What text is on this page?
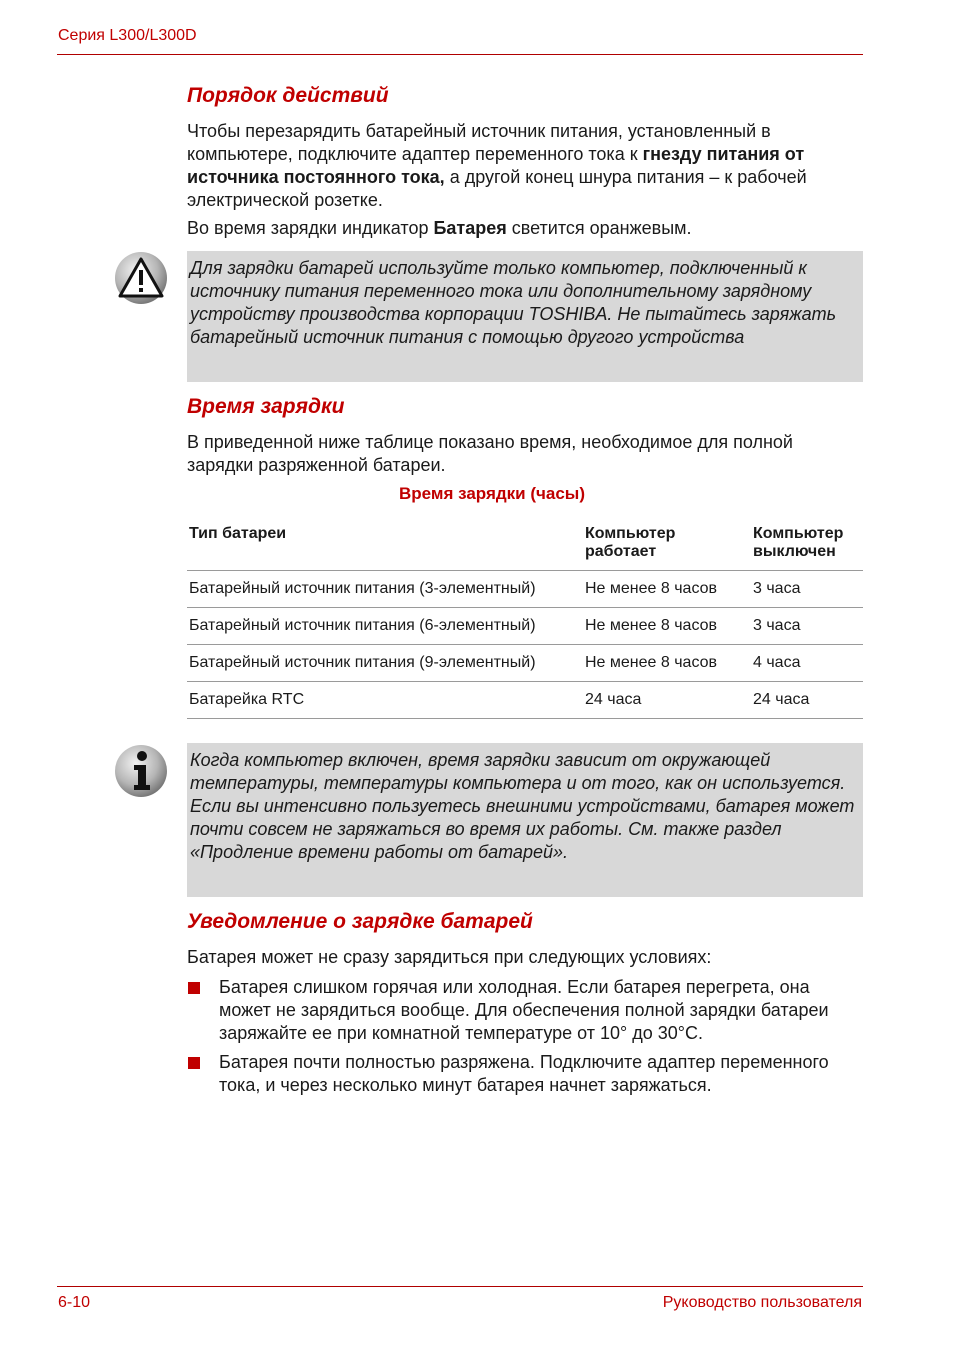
Серия L300/L300D
Порядок действий

Чтобы перезарядить батарейный источник питания, установленный в компьютере, подключите адаптер переменного тока к гнезду питания от источника постоянного тока, а другой конец шнура питания – к рабочей электрической розетке.

Во время зарядки индикатор Батарея светится оранжевым.

Для зарядки батарей используйте только компьютер, подключенный к источнику питания переменного тока или дополнительному зарядному устройству производства корпорации TOSHIBA. Не пытайтесь заряжать батарейный источник питания с помощью другого устройства
Время зарядки

В приведенной ниже таблице показано время, необходимое для полной зарядки разряженной батареи.

Время зарядки (часы)
Тип батареи	Компьютер работает	Компьютер выключен
Батарейный источник питания (3-элементный)	Не менее 8 часов	3 часа
Батарейный источник питания (6-элементный)	Не менее 8 часов	3 часа
Батарейный источник питания (9-элементный)	Не менее 8 часов	4 часа
Батарейка RTC	24 часа	24 часа
Когда компьютер включен, время зарядки зависит от окружающей температуры, температуры компьютера и от того, как он используется. Если вы интенсивно пользуетесь внешними устройствами, батарея может почти совсем не заряжаться во время их работы. См. также раздел «Продление времени работы от батарей».
Уведомление о зарядке батарей

Батарея может не сразу зарядиться при следующих условиях:

Батарея слишком горячая или холодная. Если батарея перегрета, она может не зарядиться вообще. Для обеспечения полной зарядки батареи заряжайте ее при комнатной температуре от 10° до 30°С.
Батарея почти полностью разряжена. Подключите адаптер переменного тока, и через несколько минут батарея начнет заряжаться.
6-10	Руководство пользователя
